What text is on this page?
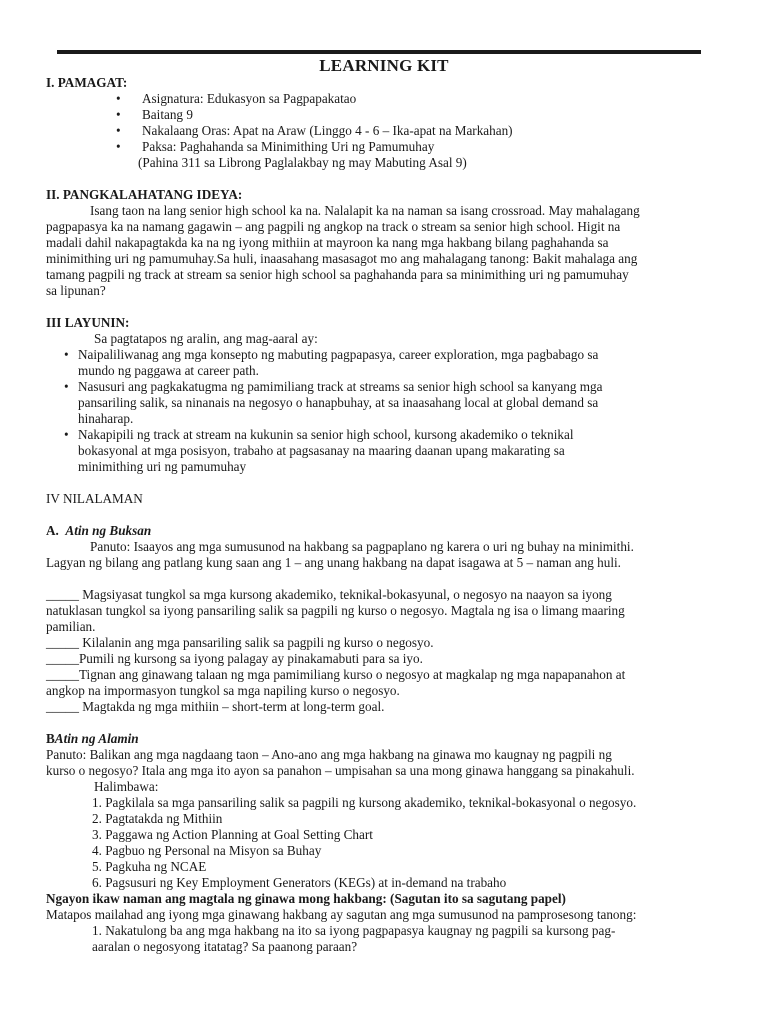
LEARNING KIT
I. PAMAGAT:
• Asignatura: Edukasyon sa Pagpapakatao
• Baitang 9
• Nakalaang Oras: Apat na Araw (Linggo 4 - 6 – Ika-apat na Markahan)
• Paksa: Paghahanda sa Minimithing Uri ng Pamumuhay
(Pahina 311 sa Librong Paglalakbay ng may Mabuting Asal 9)
II. PANGKALAHATANG IDEYA:
Isang taon na lang senior high school ka na. Nalalapit ka na naman sa isang crossroad. May mahalagang
pagpapasya ka na namang gagawin – ang pagpili ng angkop na track o stream sa senior high school. Higit na
madali dahil nakapagtakda ka na ng iyong mithiin at mayroon ka nang mga hakbang bilang paghahanda sa
minimithing uri ng pamumuhay.Sa huli, inaasahang masasagot mo ang mahalagang tanong: Bakit mahalaga ang
tamang pagpili ng track at stream sa senior high school sa paghahanda para sa minimithing uri ng pamumuhay
sa lipunan?
III LAYUNIN:
Sa pagtatapos ng aralin, ang mag-aaral ay:
• Naipaliliwanag ang mga konsepto ng mabuting pagpapasya, career exploration, mga pagbabago sa
mundo ng paggawa at career path.
• Nasusuri ang pagkakatugma ng pamimiliang track at streams sa senior high school sa kanyang mga
pansariling salik, sa ninanais na negosyo o hanapbuhay, at sa inaasahang local at global demand sa
hinaharap.
• Nakapipili ng track at stream na kukunin sa senior high school, kursong akademiko o teknikal
bokasyonal at mga posisyon, trabaho at pagsasanay na maaring daanan upang makarating sa
minimithing uri ng pamumuhay
IV NILALAMAN
A. Atin ng Buksan
Panuto: Isaayos ang mga sumusunod na hakbang sa pagpaplano ng karera o uri ng buhay na minimithi.
Lagyan ng bilang ang patlang kung saan ang 1 – ang unang hakbang na dapat isagawa at 5 – naman ang huli.
_____ Magsiyasat tungkol sa mga kursong akademiko, teknikal-bokasyunal, o negosyo na naayon sa iyong
natuklasan tungkol sa iyong pansariling salik sa pagpili ng kurso o negosyo. Magtala ng isa o limang maaring
pamilian.
_____ Kilalanin ang mga pansariling salik sa pagpili ng kurso o negosyo.
_____Pumili ng kursong sa iyong palagay ay pinakamabuti para sa iyo.
_____Tignan ang ginawang talaan ng mga pamimiliang kurso o negosyo at magkalap ng mga napapanahon at
angkop na impormasyon tungkol sa mga napiling kurso o negosyo.
_____ Magtakda ng mga mithiin – short-term at long-term goal.
BAtin ng Alamin
Panuto: Balikan ang mga nagdaang taon – Ano-ano ang mga hakbang na ginawa mo kaugnay ng pagpili ng
kurso o negosyo? Itala ang mga ito ayon sa panahon – umpisahan sa una mong ginawa hanggang sa pinakahuli.
Halimbawa:
1. Pagkilala sa mga pansariling salik sa pagpili ng kursong akademiko, teknikal-bokasyonal o negosyo.
2. Pagtatakda ng Mithiin
3. Paggawa ng Action Planning at Goal Setting Chart
4. Pagbuo ng Personal na Misyon sa Buhay
5. Pagkuha ng NCAE
6. Pagsusuri ng Key Employment Generators (KEGs) at in-demand na trabaho
Ngayon ikaw naman ang magtala ng ginawa mong hakbang: (Sagutan ito sa sagutang papel)
Matapos mailahad ang iyong mga ginawang hakbang ay sagutan ang mga sumusunod na pamprosesong tanong:
1. Nakatulong ba ang mga hakbang na ito sa iyong pagpapasya kaugnay ng pagpili sa kursong pag-
aaralan o negosyong itatatag? Sa paanong paraan?
